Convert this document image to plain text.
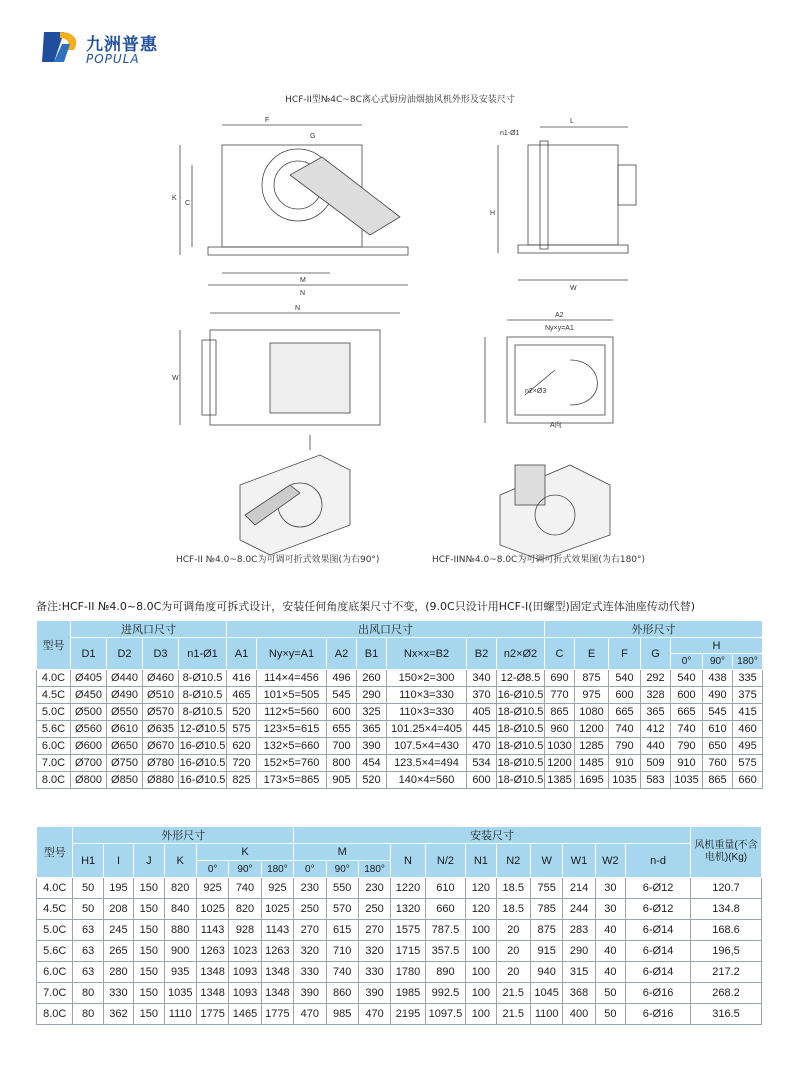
九洲普惠
POPULA
HCF-II型№4C~8C离心式厨房油烟抽风机外形及安装尺寸
F
G
K
C
M
N
n1-Ø1
L
H
W
N
W
A2
Ny×y=A1
A向
n2×Ø3
HCF-II №4.0~8.0C为可调可折式效果图(为右90°)	HCF-IIN№4.0~8.0C为可调可折式效果图(为右180°)
备注:HCF-II №4.0~8.0C为可调角度可拆式设计，安装任何角度底架尺寸不变，(9.0C只设计用HCF-I(田螺型)固定式连体油座传动代替)
型号	进风口尺寸				出风口尺寸							外形尺寸						
	D1	D2	D3	n1-Ø1	A1	Ny×y=A1	A2	B1	Nx×x=B2	B2	n2×Ø2	C	E	F	G	H		
																0°	90°	180°
4.0C	Ø405	Ø440	Ø460	8-Ø10.5	416	114×4=456	496	260	150×2=300	340	12-Ø8.5	690	875	540	292	540	438	335
4.5C	Ø450	Ø490	Ø510	8-Ø10.5	465	101×5=505	545	290	110×3=330	370	16-Ø10.5	770	975	600	328	600	490	375
5.0C	Ø500	Ø550	Ø570	8-Ø10.5	520	112×5=560	600	325	110×3=330	405	18-Ø10.5	865	1080	665	365	665	545	415
5.6C	Ø560	Ø610	Ø635	12-Ø10.5	575	123×5=615	655	365	101.25×4=405	445	18-Ø10.5	960	1200	740	412	740	610	460
6.0C	Ø600	Ø650	Ø670	16-Ø10.5	620	132×5=660	700	390	107.5×4=430	470	18-Ø10.5	1030	1285	790	440	790	650	495
7.0C	Ø700	Ø750	Ø780	16-Ø10.5	720	152×5=760	800	454	123.5×4=494	534	18-Ø10.5	1200	1485	910	509	910	760	575
8.0C	Ø800	Ø850	Ø880	16-Ø10.5	825	173×5=865	905	520	140×4=560	600	18-Ø10.5	1385	1695	1035	583	1035	865	660
型号	外形尺寸							安装尺寸											风机重量(不含电机)(Kg)
	H1	I	J	K	K			M			N	N/2	N1	N2	W	W1	W2	n-d	
					0°	90°	180°	0°	90°	180°									
4.0C	50	195	150	820	925	740	925	230	550	230	1220	610	120	18.5	755	214	30	6-Ø12	120.7
4.5C	50	208	150	840	1025	820	1025	250	570	250	1320	660	120	18.5	785	244	30	6-Ø12	134.8
5.0C	63	245	150	880	1143	928	1143	270	615	270	1575	787.5	100	20	875	283	40	6-Ø14	168.6
5.6C	63	265	150	900	1263	1023	1263	320	710	320	1715	357.5	100	20	915	290	40	6-Ø14	196,5
6.0C	63	280	150	935	1348	1093	1348	330	740	330	1780	890	100	20	940	315	40	6-Ø14	217.2
7.0C	80	330	150	1035	1348	1093	1348	390	860	390	1985	992.5	100	21.5	1045	368	50	6-Ø16	268.2
8.0C	80	362	150	1110	1775	1465	1775	470	985	470	2195	1097.5	100	21.5	1100	400	50	6-Ø16	316.5
